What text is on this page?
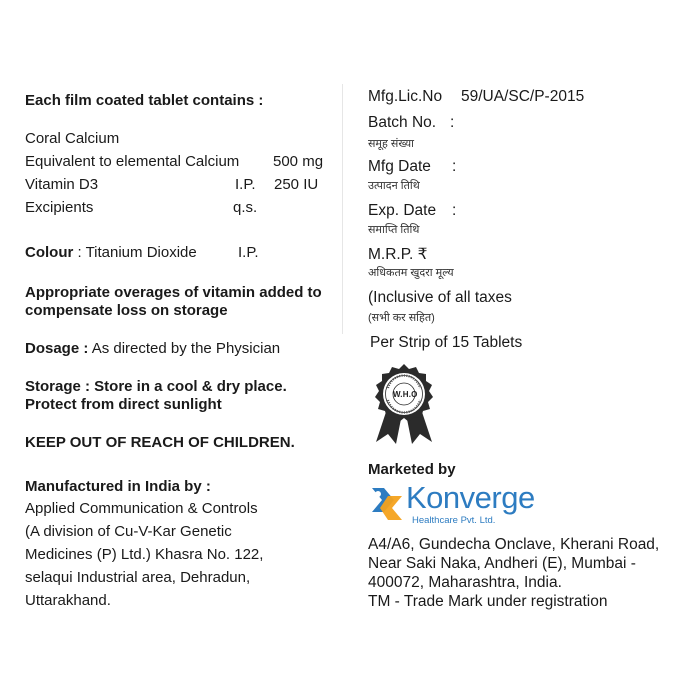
Each film coated tablet contains :
Coral Calcium
Equivalent to elemental Calcium 500 mg
Vitamin D3	I.P. 250 IU
Excipients	q.s.
Colour : Titanium Dioxide	I.P.
Appropriate overages of vitamin added to
compensate loss on storage
Dosage : As directed by the Physician
Storage : Store in a cool & dry place.
Protect from direct sunlight
KEEP OUT OF REACH OF CHILDREN.
Manufactured in India by :
Applied Communication & Controls
(A division of Cu-V-Kar Genetic
Medicines (P) Ltd.) Khasra No. 122,
selaqui Industrial area, Dehradun,
Uttarakhand.
Mfg.Lic.No 59/UA/SC/P-2015
Batch No. :
समूह संख्या
Mfg Date :
उत्पादन तिथि
Exp. Date :
समाप्ति तिथि
M.R.P. ₹
अधिकतम खुदरा मूल्य
(Inclusive of all taxes
(सभी कर सहित)
Per Strip of 15 Tablets
W.H.O
Marketed by
Konverge
Healthcare Pvt. Ltd.
A4/A6, Gundecha Onclave, Kherani Road,
Near Saki Naka, Andheri (E), Mumbai -
400072, Maharashtra, India.
TM - Trade Mark under registration
